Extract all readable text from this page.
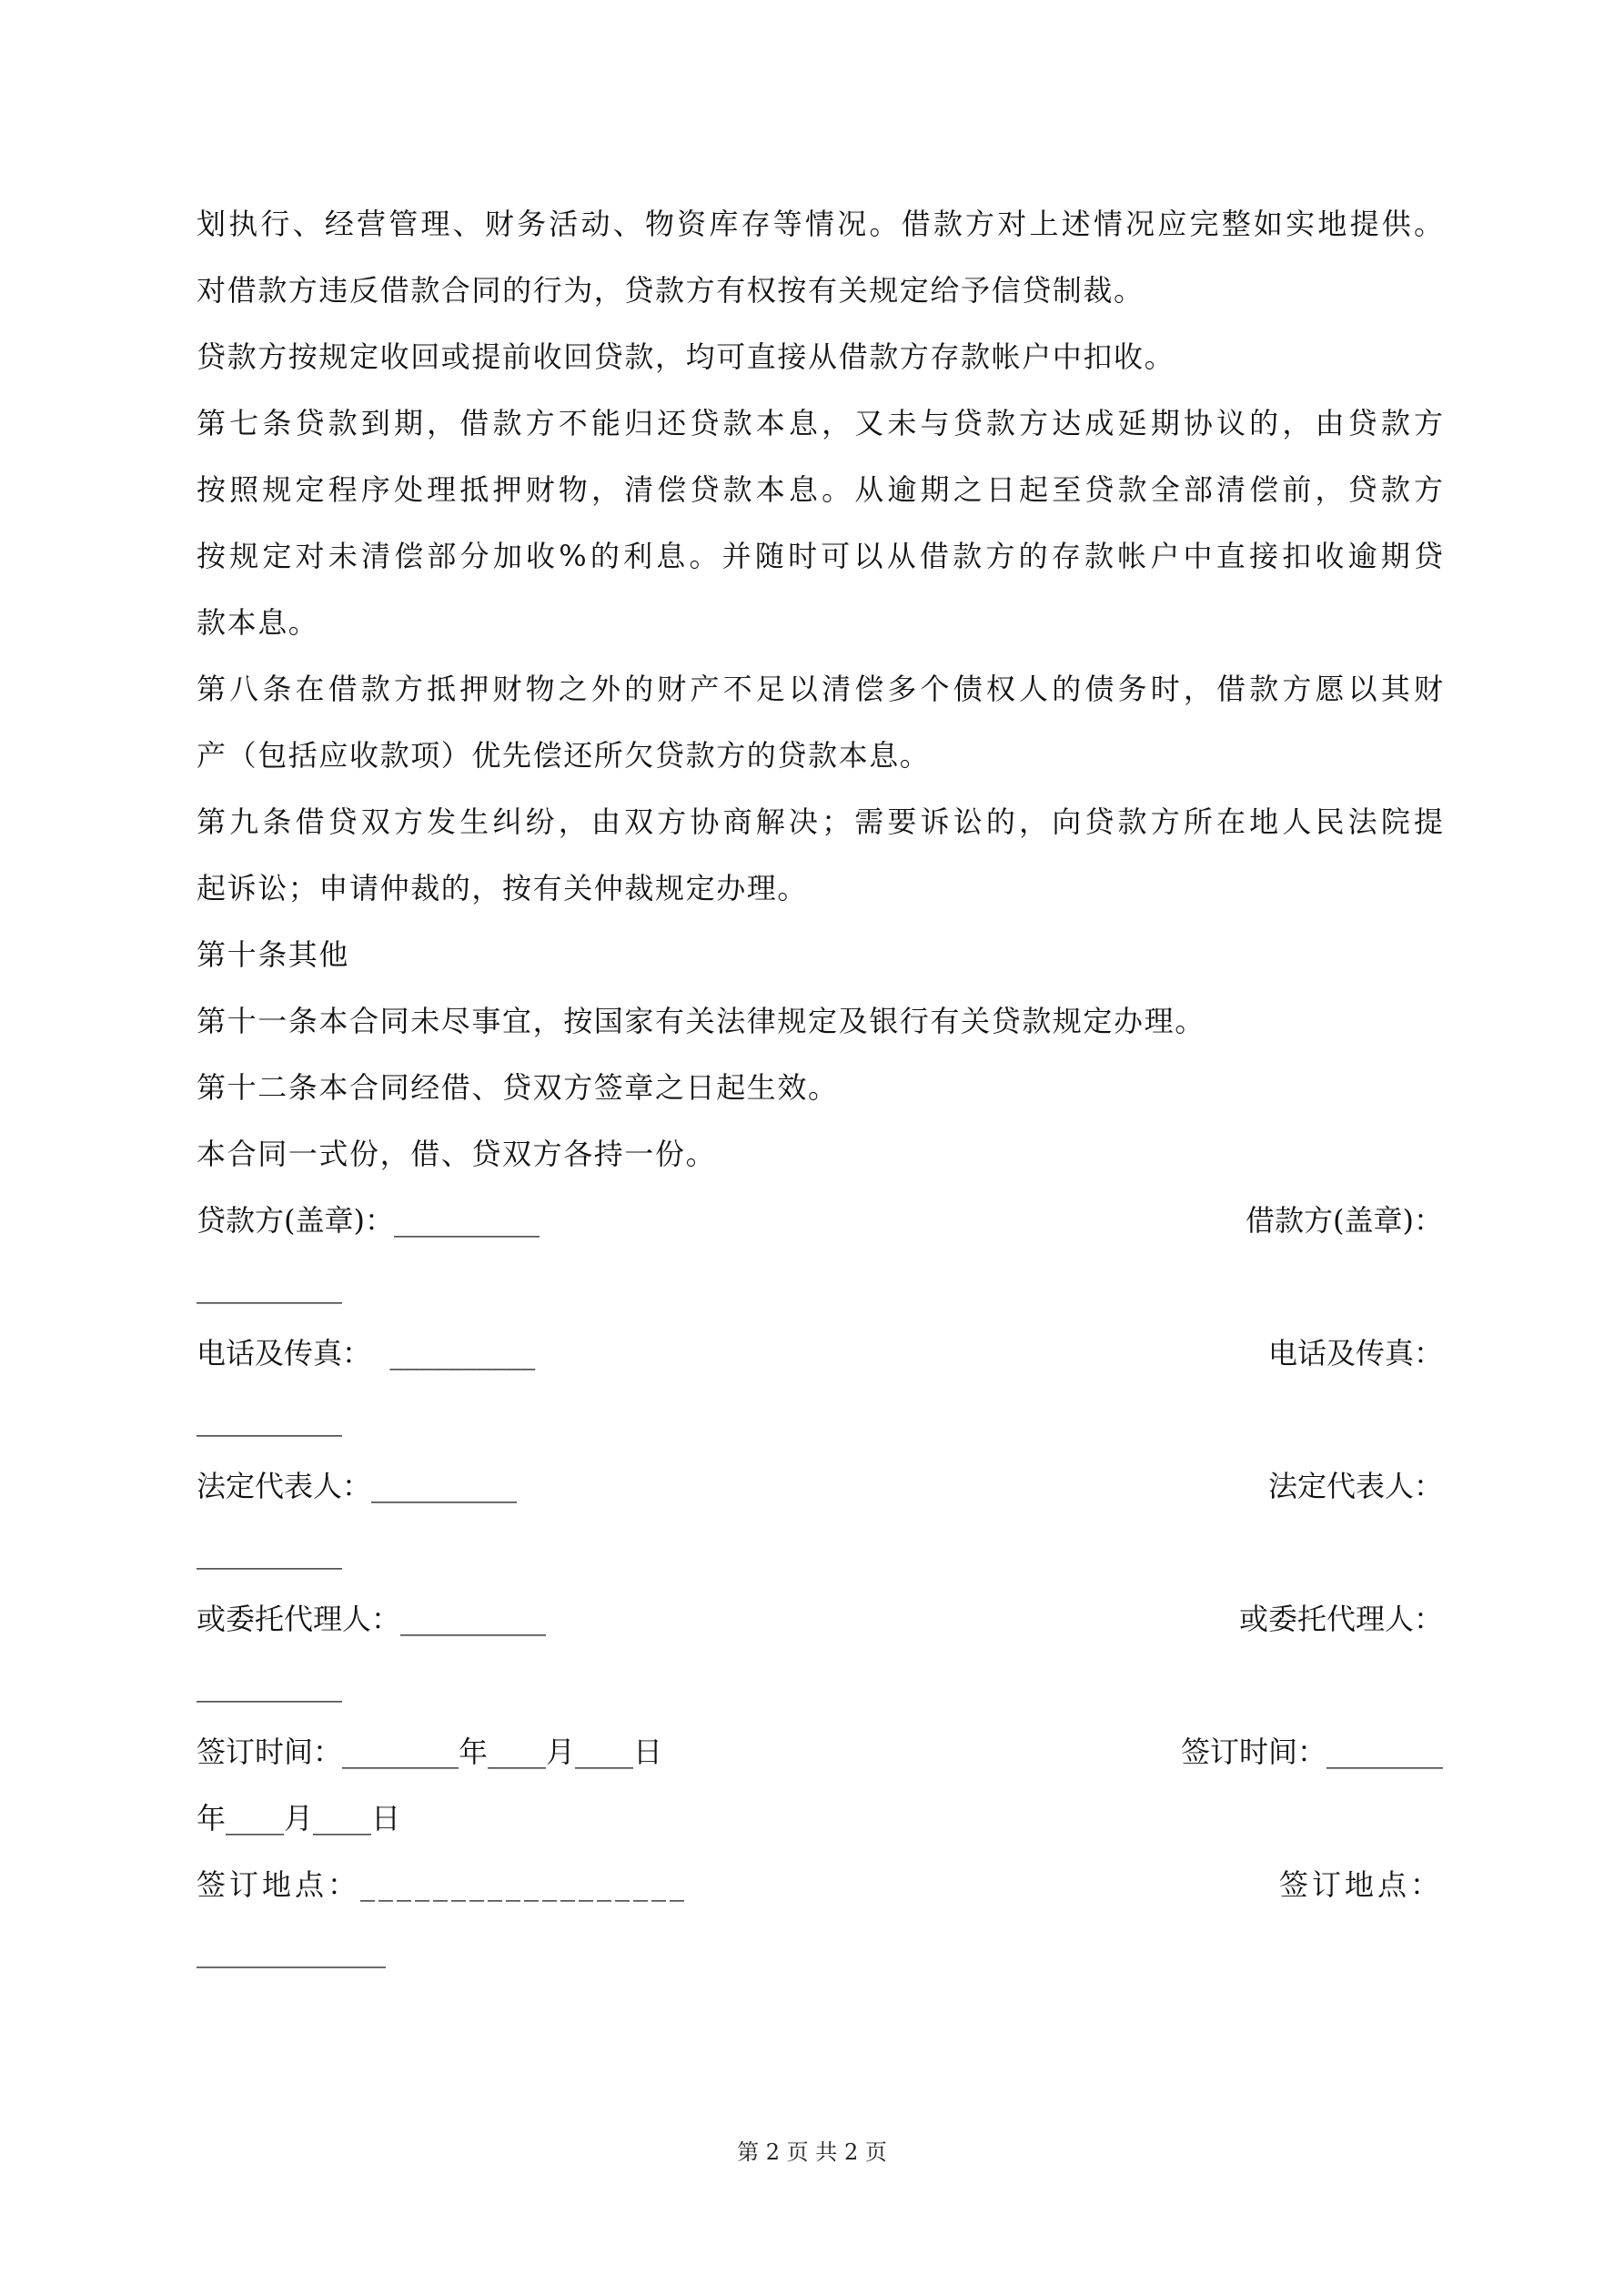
划执行、经营管理、财务活动、物资库存等情况。借款方对上述情况应完整如实地提供。
对借款方违反借款合同的行为，贷款方有权按有关规定给予信贷制裁。
贷款方按规定收回或提前收回贷款，均可直接从借款方存款帐户中扣收。
第七条贷款到期，借款方不能归还贷款本息，又未与贷款方达成延期协议的，由贷款方
按照规定程序处理抵押财物，清偿贷款本息。从逾期之日起至贷款全部清偿前，贷款方
按规定对未清偿部分加收%的利息。并随时可以从借款方的存款帐户中直接扣收逾期贷
款本息。
第八条在借款方抵押财物之外的财产不足以清偿多个债权人的债务时，借款方愿以其财
产（包括应收款项）优先偿还所欠贷款方的贷款本息。
第九条借贷双方发生纠纷，由双方协商解决；需要诉讼的，向贷款方所在地人民法院提
起诉讼；申请仲裁的，按有关仲裁规定办理。
第十条其他
第十一条本合同未尽事宜，按国家有关法律规定及银行有关贷款规定办理。
第十二条本合同经借、贷双方签章之日起生效。
本合同一式份，借、贷双方各持一份。
贷款方(盖章)：__________	借款方(盖章)：
__________
电话及传真：  __________	电话及传真：
__________
法定代表人：__________	法定代表人：
__________
或委托代理人：__________	或委托代理人：
__________
签订时间：________年____月____日	签订时间：________
年____月____日
签订地点：__________________	签订地点：
_____________
第 2 页 共 2 页
